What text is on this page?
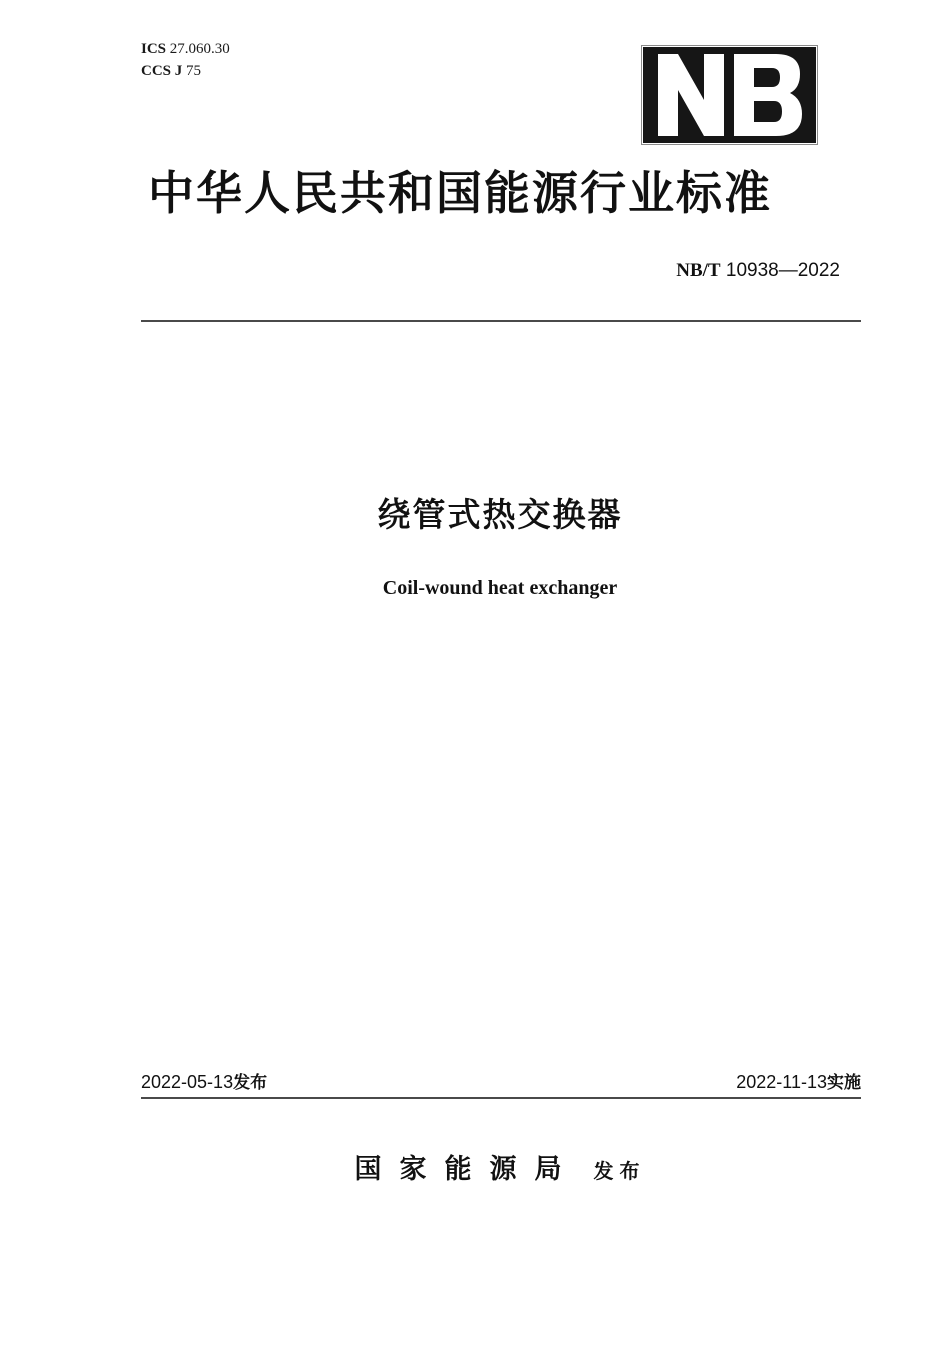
ICS 27.060.30
CCS J 75
NB
中华人民共和国能源行业标准
NB/T 10938—2022
绕管式热交换器
Coil-wound heat exchanger
2022-05-13发布	2022-11-13实施
国家能源局 发布
